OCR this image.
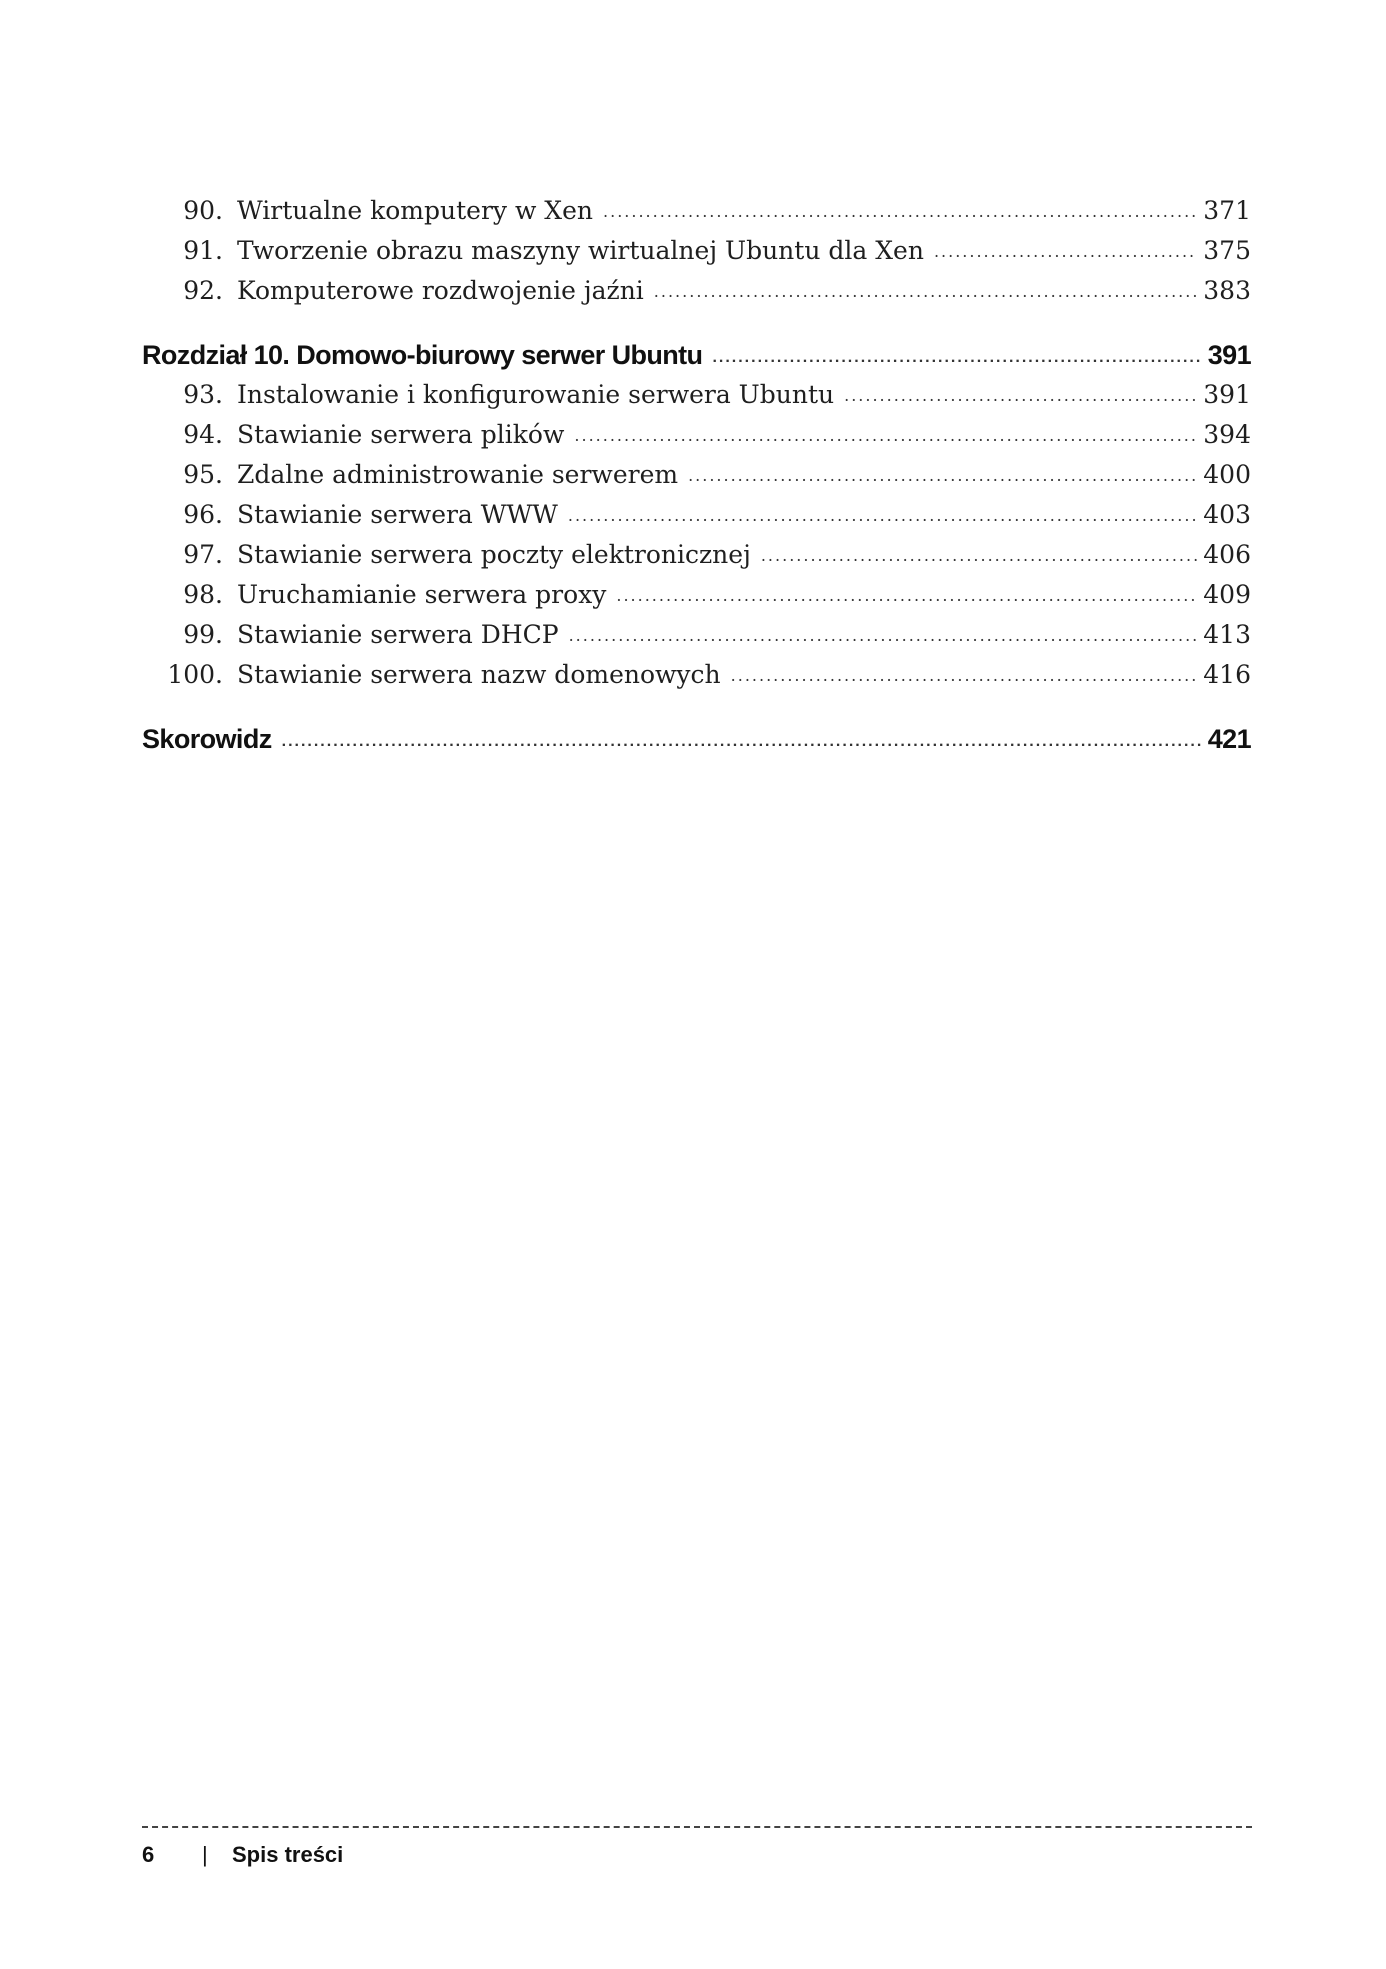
90. Wirtualne komputery w Xen .....	371
91. Tworzenie obrazu maszyny wirtualnej Ubuntu dla Xen .....	375
92. Komputerowe rozdwojenie jaźni .....	383
Rozdział 10. Domowo-biurowy serwer Ubuntu .....	391
93. Instalowanie i konfigurowanie serwera Ubuntu .....	391
94. Stawianie serwera plików .....	394
95. Zdalne administrowanie serwerem .....	400
96. Stawianie serwera WWW .....	403
97. Stawianie serwera poczty elektronicznej .....	406
98. Uruchamianie serwera proxy .....	409
99. Stawianie serwera DHCP .....	413
100. Stawianie serwera nazw domenowych .....	416
Skorowidz .....	421
6	|	Spis treści
